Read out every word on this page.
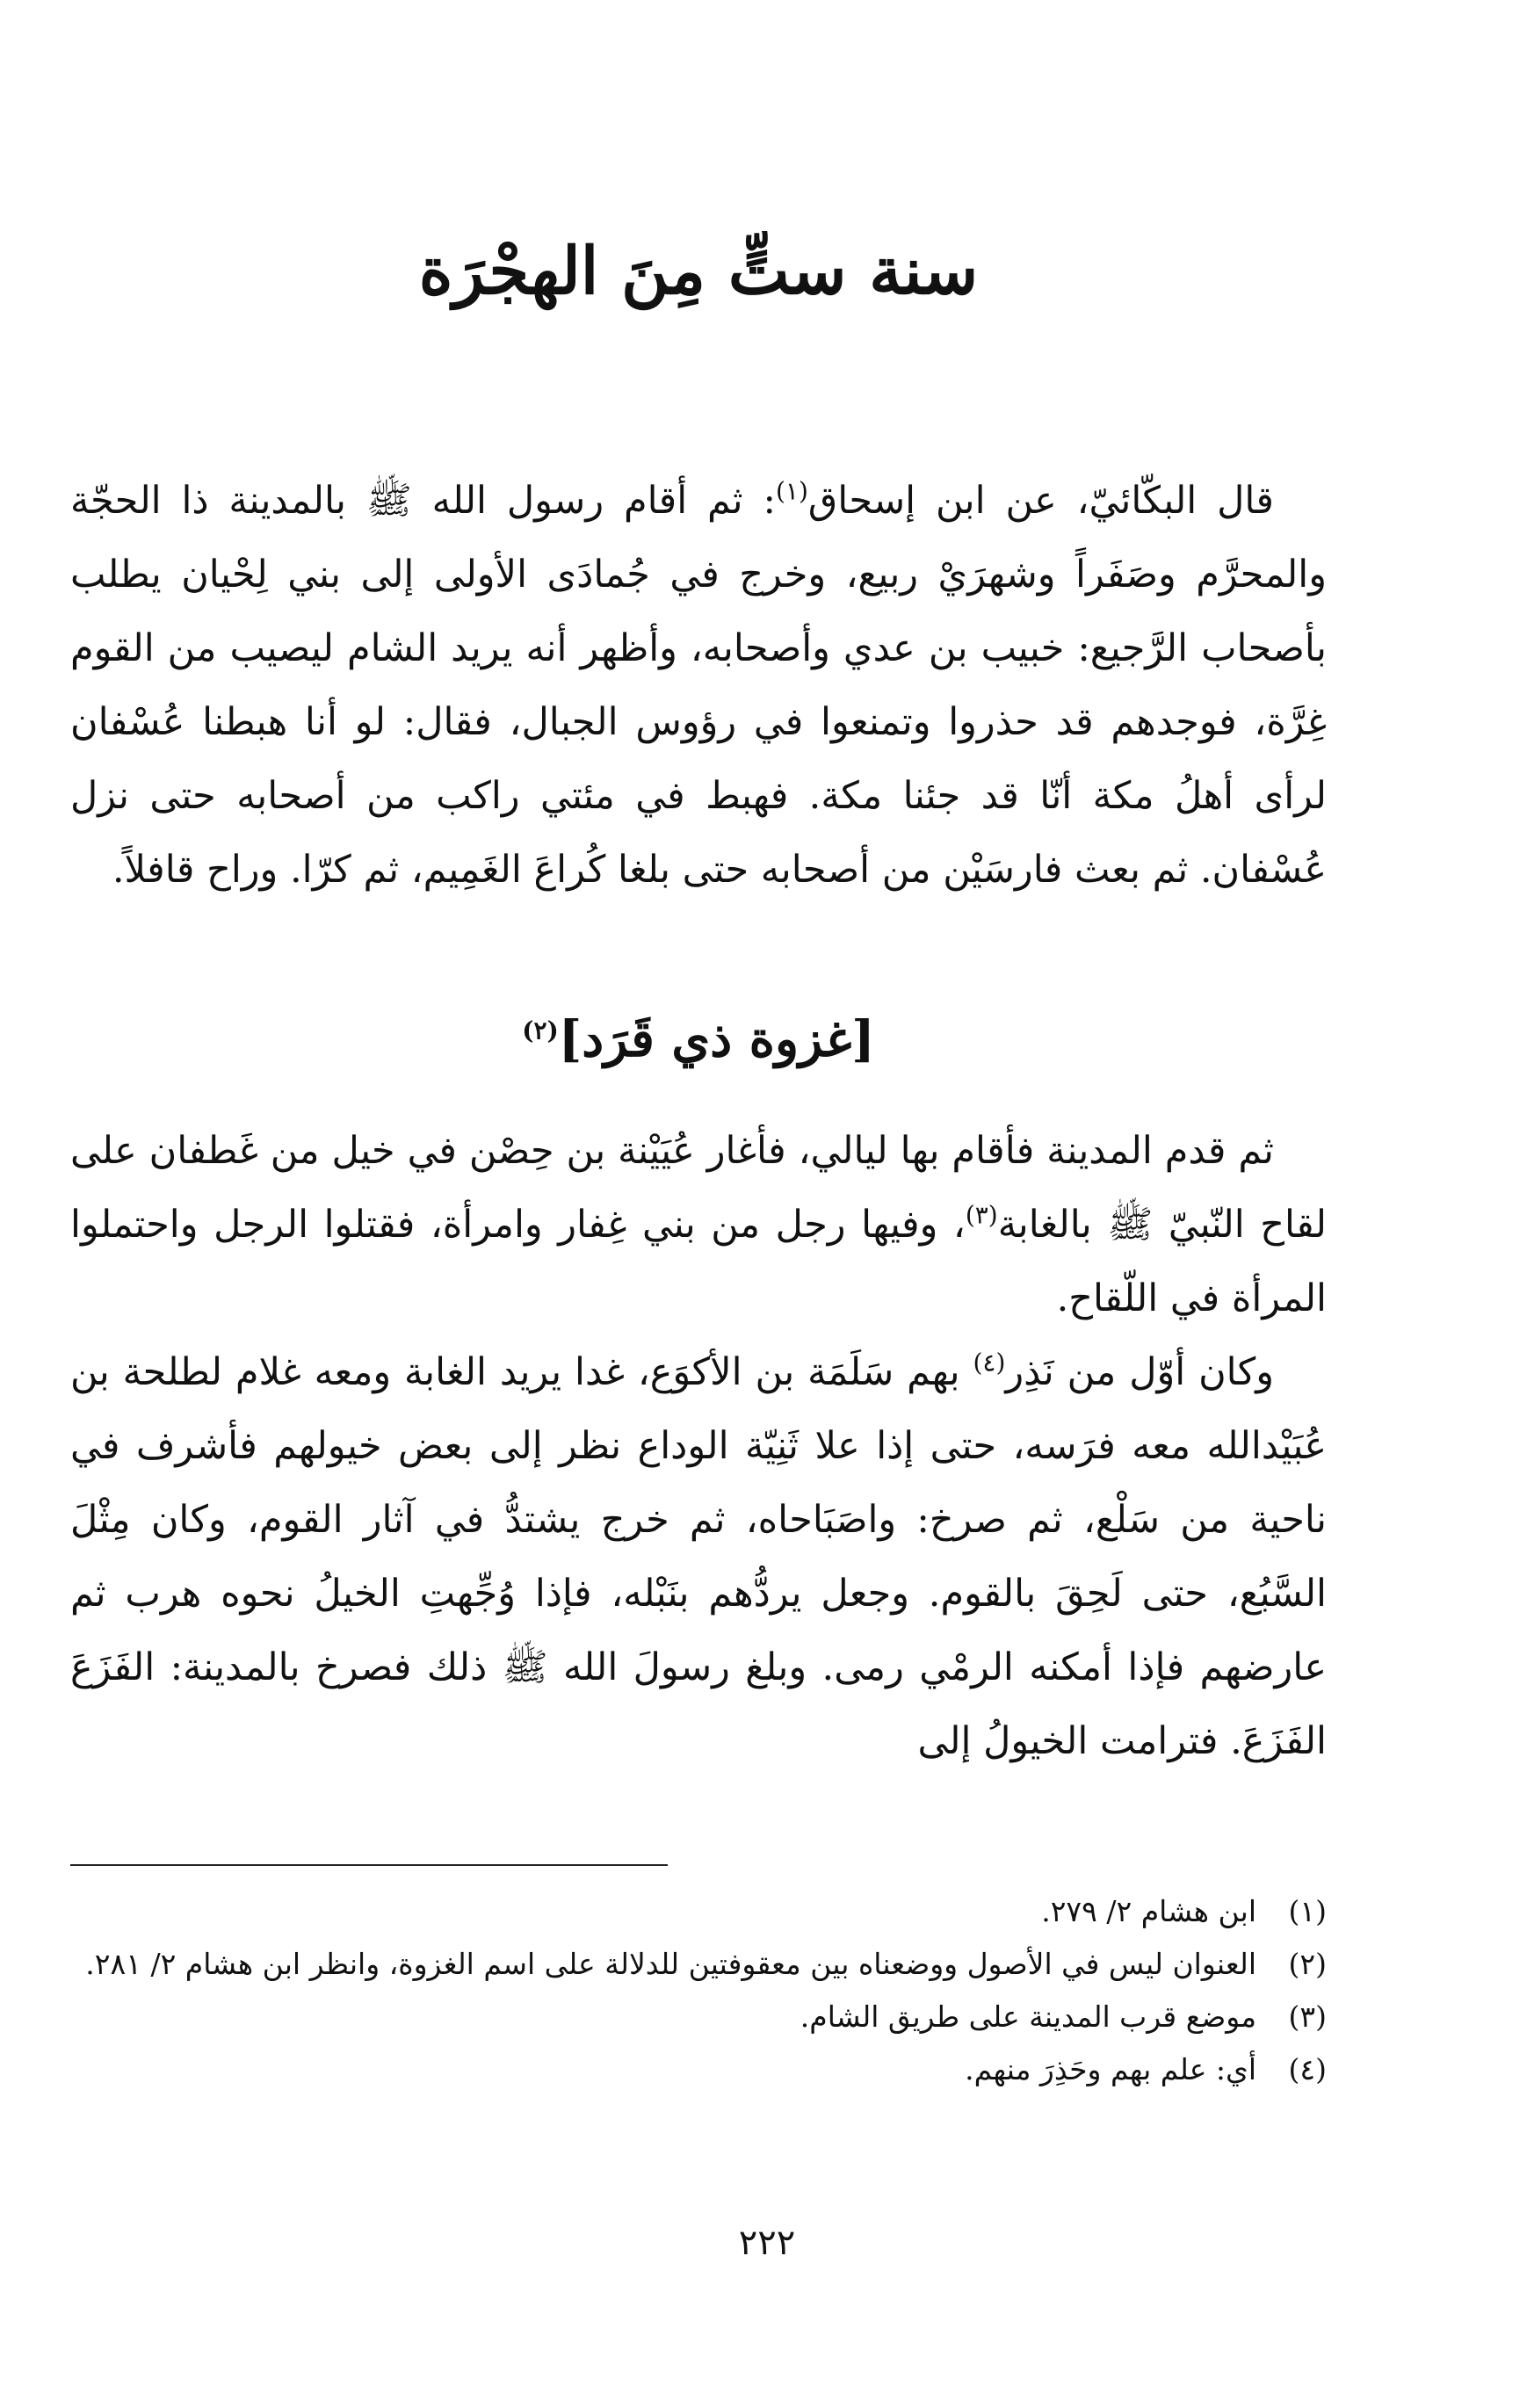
سنة ستٍّ مِنَ الهجْرَة

قال البكّائيّ، عن ابن إسحاق$^{(١)}$: ثم أقام رسول الله ﷺ بالمدينة ذا الحجّة والمحرَّم وصَفَراً وشهرَيْ ربيع، وخرج في جُمادَى الأولى إلى بني لِحْيان يطلب بأصحاب الرَّجيع: خبيب بن عدي وأصحابه، وأظهر أنه يريد الشام ليصيب من القوم غِرَّة، فوجدهم قد حذروا وتمنعوا في رؤوس الجبال، فقال: لو أنا هبطنا عُسْفان لرأى أهلُ مكة أنّا قد جئنا مكة. فهبط في مئتي راكب من أصحابه حتى نزل عُسْفان. ثم بعث فارسَيْن من أصحابه حتى بلغا كُراعَ الغَمِيم، ثم كرّا. وراح قافلاً.

[غزوة ذي قَرَد]$^{(٢)}$

ثم قدم المدينة فأقام بها ليالي، فأغار عُيَيْنة بن حِصْن في خيل من غَطفان على لقاح النّبيّ ﷺ بالغابة$^{(٣)}$، وفيها رجل من بني غِفار وامرأة، فقتلوا الرجل واحتملوا المرأة في اللّقاح.

وكان أوّل من نَذِر$^{(٤)}$ بهم سَلَمَة بن الأكوَع، غدا يريد الغابة ومعه غلام لطلحة بن عُبَيْدالله معه فرَسه، حتى إذا علا ثَنِيّة الوداع نظر إلى بعض خيولهم فأشرف في ناحية من سَلْع، ثم صرخ: واصَبَاحاه، ثم خرج يشتدُّ في آثار القوم، وكان مِثْلَ السَّبُع، حتى لَحِقَ بالقوم. وجعل يردُّهم بنَبْله، فإذا وُجِّهتِ الخيلُ نحوه هرب ثم عارضهم فإذا أمكنه الرمْي رمى. وبلغ رسولَ الله ﷺ ذلك فصرخ بالمدينة: الفَزَعَ الفَزَعَ. فترامت الخيولُ إلى

(١)
ابن هشام ٢/ ٢٧٩.
(٢)
العنوان ليس في الأصول ووضعناه بين معقوفتين للدلالة على اسم الغزوة، وانظر ابن هشام ٢/ ٢٨١.
(٣)
موضع قرب المدينة على طريق الشام.
(٤)
أي: علم بهم وحَذِرَ منهم.
٢٢٢
